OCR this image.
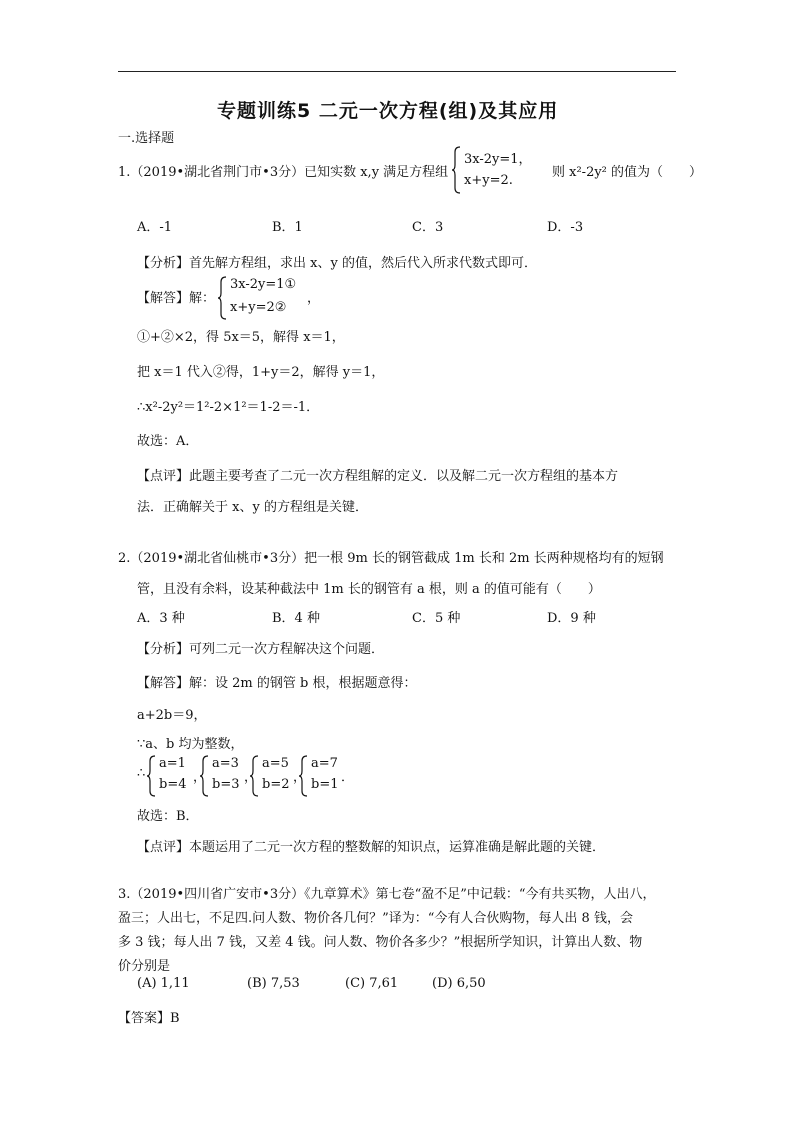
专题训练5 二元一次方程(组)及其应用
一.选择题
1.（2019•湖北省荆门市•3分）已知实数 x,y 满足方程组
3x-2y=1，
x+y=2.
则 x²-2y² 的值为（　　）
A．-1	B．1	C．3	D．-3
【分析】首先解方程组，求出 x、y 的值，然后代入所求代数式即可．
【解答】解：
3x-2y=1①
x+y=2②
，
①+②×2，得 5x＝5，解得 x＝1，
把 x＝1 代入②得，1+y＝2，解得 y＝1，
∴x²-2y²＝1²-2×1²＝1-2＝-1．
故选：A．
【点评】此题主要考查了二元一次方程组解的定义．以及解二元一次方程组的基本方
法．正确解关于 x、y 的方程组是关键．
2.（2019•湖北省仙桃市•3分）把一根 9m 长的钢管截成 1m 长和 2m 长两种规格均有的短钢
管，且没有余料，设某种截法中 1m 长的钢管有 a 根，则 a 的值可能有（　　）
A．3 种	B．4 种	C．5 种	D．9 种
【分析】可列二元一次方程解决这个问题．
【解答】解：设 2m 的钢管 b 根，根据题意得：
a+2b＝9，
∵a、b 均为整数，
∴
a=1
b=4 ，
a=3
b=3 ，
a=5
b=2 ，
a=7
b=1 ．
故选：B．
【点评】本题运用了二元一次方程的整数解的知识点，运算准确是解此题的关键．
3.（2019•四川省广安市•3分）《九章算术》第七卷“盈不足”中记载：“今有共买物，人出八，
盈三；人出七，不足四.问人数、物价各几何？”译为：“今有人合伙购物，每人出 8 钱，会
多 3 钱；每人出 7 钱，又差 4 钱。问人数、物价各多少？”根据所学知识，计算出人数、物
价分别是
(A) 1,11	(B) 7,53	(C) 7,61	(D) 6,50
【答案】B
